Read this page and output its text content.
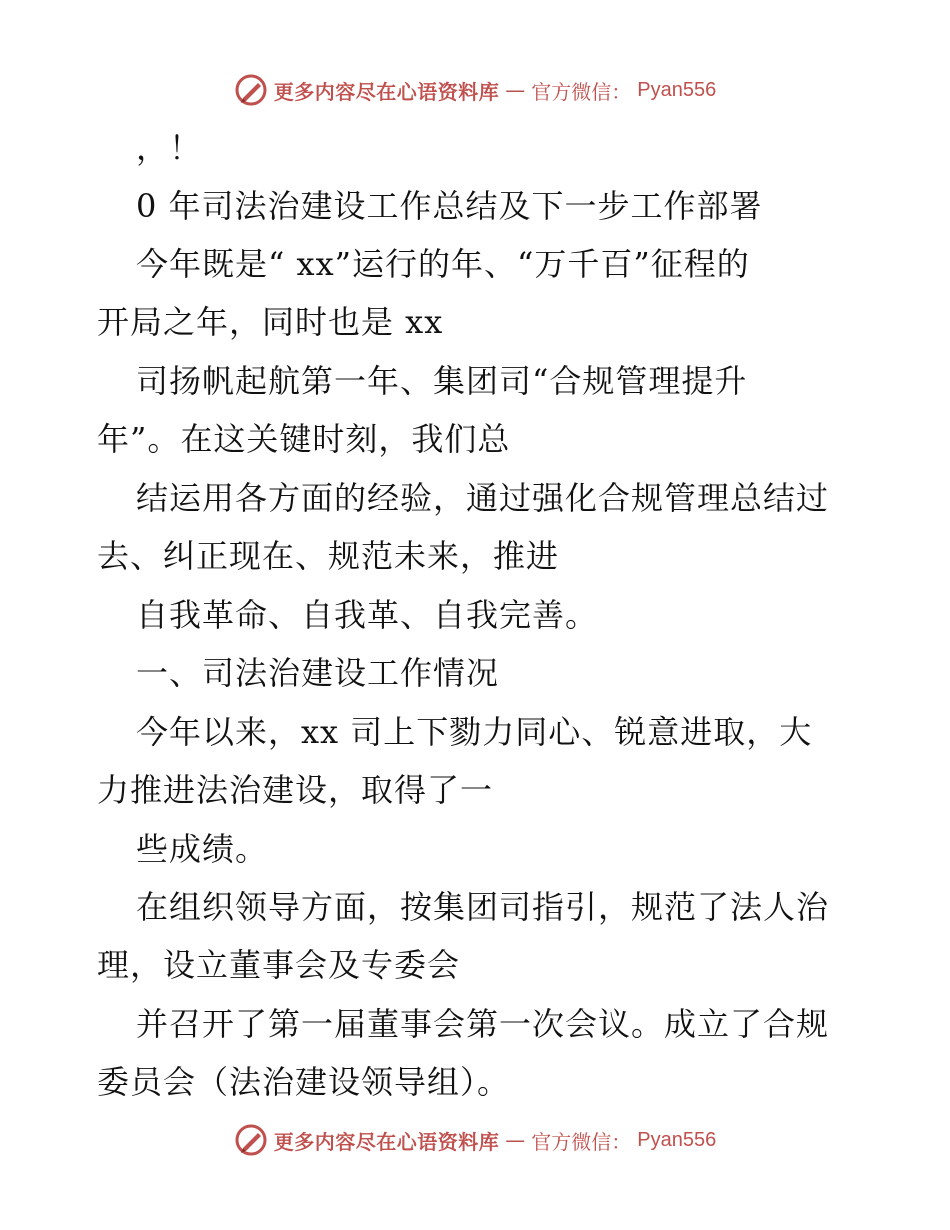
更多内容尽在心语资料库 — 官方微信： Pyan556
，！
0 年司法治建设工作总结及下一步工作部署
今年既是“ xx”运行的年、“万千百”征程的
开局之年，同时也是 xx
司扬帆起航第一年、集团司“合规管理提升
年”。在这关键时刻，我们总
结运用各方面的经验，通过强化合规管理总结过
去、纠正现在、规范未来，推进
自我革命、自我革、自我完善。
一、司法治建设工作情况
今年以来，xx 司上下勠力同心、锐意进取，大
力推进法治建设，取得了一
些成绩。
在组织领导方面，按集团司指引，规范了法人治
理，设立董事会及专委会
并召开了第一届董事会第一次会议。成立了合规
委员会（法治建设领导组）。
更多内容尽在心语资料库 — 官方微信： Pyan556
